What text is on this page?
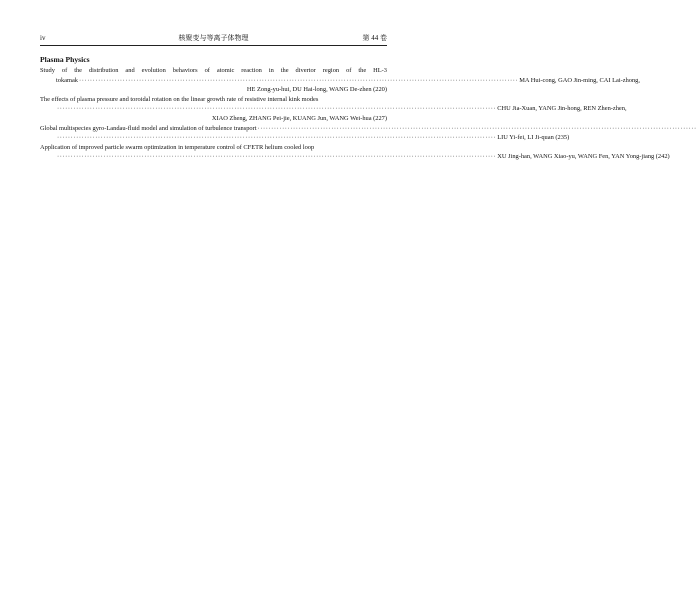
iv	核聚变与等离子体物理	第 44 卷
Plasma Physics
Study of the distribution and evolution behaviors of atomic reaction in the divertor region of the HL-3
tokamak ································································································································································· MA Hui-cong, GAO Jin-ming, CAI Lai-zhong,
HE Zong-yu-hui, DU Hai-long, WANG De-zhen (220)
The effects of plasma pressure and toroidal rotation on the linear growth rate of resistive internal kink modes
································································································································································· CHU Jia-Xuan, YANG Jin-hong, REN Zhen-zhen,
XIAO Zheng, ZHANG Pei-jie, KUANG Jun, WANG Wei-hua (227)
Global multispecies gyro-Landau-fluid model and simulation of turbulence transport ·································································································································································
································································································································································· LIU Yi-fei, LI Ji-quan (235)
Application of improved particle swarm optimization in temperature control of CFETR helium cooled loop
································································································································································· XU Jing-han, WANG Xiao-yu, WANG Fen, YAN Yong-jiang (242)
